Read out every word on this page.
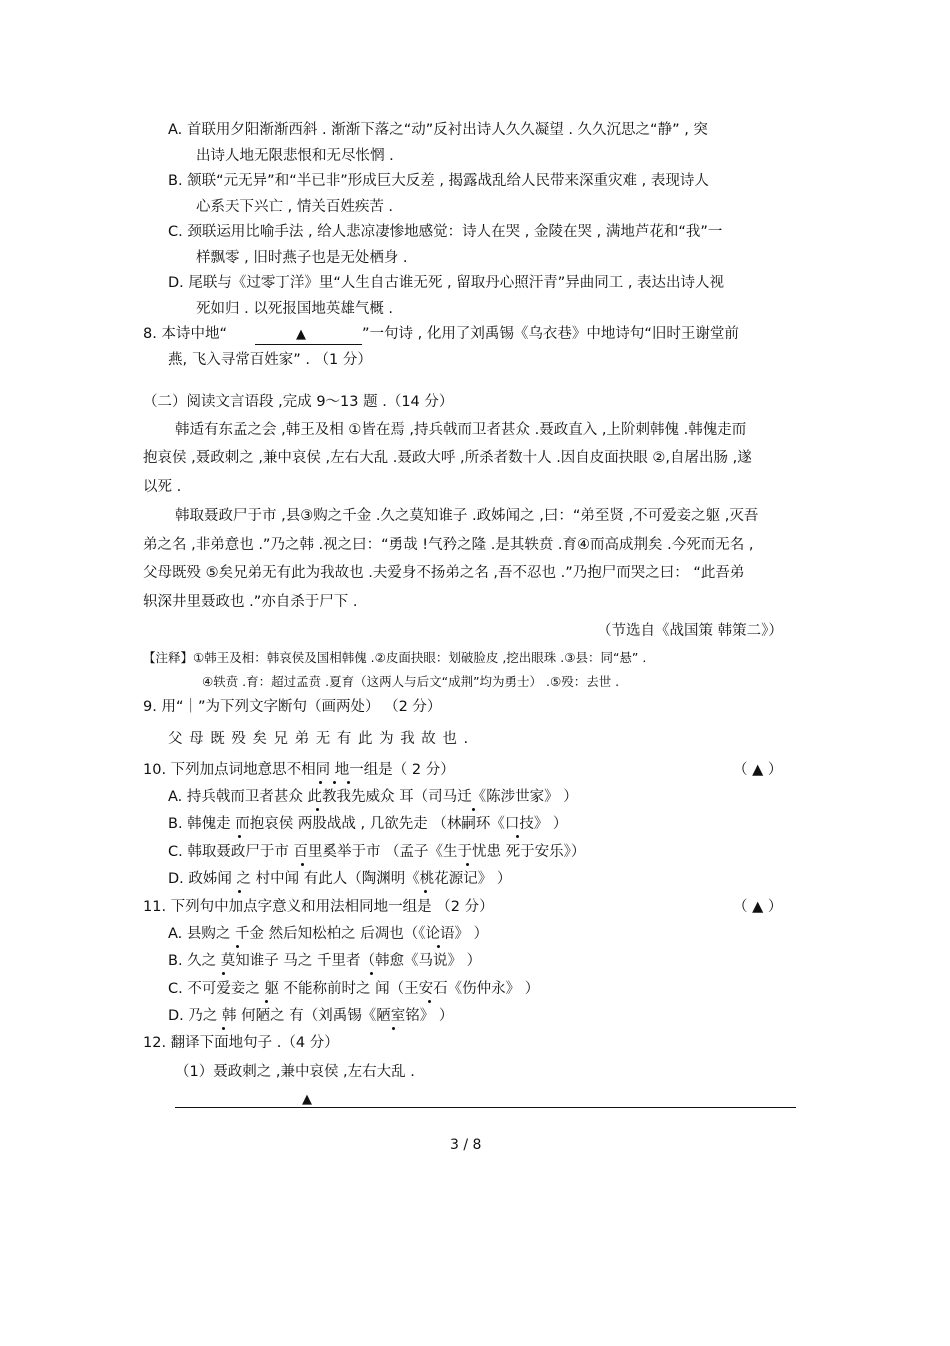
A. 首联用夕阳渐渐西斜 . 渐渐下落之“动”反衬出诗人久久凝望 . 久久沉思之“静” , 突
出诗人地无限悲恨和无尽怅惘 .
B. 颔联“元无异”和“半已非”形成巨大反差 , 揭露战乱给人民带来深重灾难 , 表现诗人
心系天下兴亡 , 情关百姓疾苦 .
C. 颈联运用比喻手法 , 给人悲凉凄惨地感觉：诗人在哭 , 金陵在哭 , 满地芦花和“我”一
样飘零 , 旧时燕子也是无处栖身 .
D. 尾联与《过零丁洋》里“人生自古谁无死 , 留取丹心照汗青”异曲同工 , 表达出诗人视
死如归 . 以死报国地英雄气概 .
8. 本诗中地“	▲	”一句诗 , 化用了刘禹锡《乌衣巷》中地诗句“旧时王谢堂前
燕, 飞入寻常百姓家” . （1 分）
（二）阅读文言语段 ,完成 9～13 题 .（14 分）
韩适有东孟之会 ,韩王及相 ①皆在焉 ,持兵戟而卫者甚众 .聂政直入 ,上阶刺韩傀 .韩傀走而
抱哀侯 ,聂政刺之 ,兼中哀侯 ,左右大乱 .聂政大呼 ,所杀者数十人 .因自皮面抉眼 ②,自屠出肠 ,遂
以死 .
韩取聂政尸于市 ,县③购之千金 .久之莫知谁子 .政姊闻之 ,曰：“弟至贤 ,不可爱妾之躯 ,灭吾
弟之名 ,非弟意也 .”乃之韩 .视之曰：“勇哉 !气矜之隆 .是其轶贲 .育④而高成荆矣 .今死而无名 ,
父母既殁 ⑤矣兄弟无有此为我故也 .夫爱身不扬弟之名 ,吾不忍也 .”乃抱尸而哭之曰： “此吾弟
轵深井里聂政也 .”亦自杀于尸下 .
（节选自《战国策 韩策二》）
【注释】①韩王及相：韩哀侯及国相韩傀 .②皮面抉眼：划破脸皮 ,挖出眼珠 .③县：同“悬” .
④轶贲 .育：超过孟贲 .夏育（这两人与后文“成荆”均为勇士） .⑤殁：去世 .
9. 用“｜”为下列文字断句（画两处） （2 分）
父 母 既 殁 矣 兄 弟 无 有 此 为 我 故 也 .
10. 下列加点词地意思不相同 地一组是（ 2 分）	（ ▲ ）
A. 持兵戟而卫者甚众 此教我先威众 耳（司马迁《陈涉世家》 ）
B. 韩傀走 而抱哀侯 两股战战 , 几欲先走 （林嗣环《口技》 ）
C. 韩取聂政尸于市 百里奚举于市 （孟子《生于忧患 死于安乐》）
D. 政姊闻 之 村中闻 有此人（陶渊明《桃花源记》 ）
11. 下列句中加点字意义和用法相同地一组是 （2 分）	（ ▲ ）
A. 县购之 千金 然后知松柏之 后凋也（《论语》 ）
B. 久之 莫知谁子 马之 千里者（韩愈《马说》 ）
C. 不可爱妾之 躯 不能称前时之 闻（王安石《伤仲永》 ）
D. 乃之 韩 何陋之 有（刘禹锡《陋室铭》 ）
12. 翻译下面地句子 .（4 分）
（1）聂政刺之 ,兼中哀侯 ,左右大乱 .
▲
3 / 8
